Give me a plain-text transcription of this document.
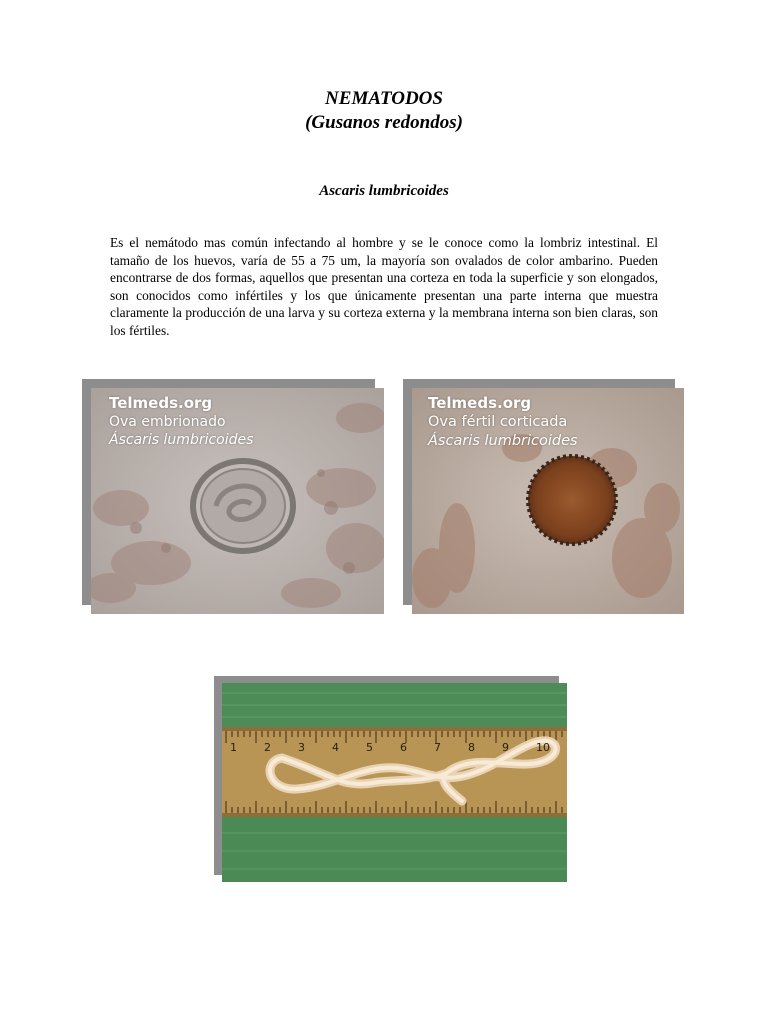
NEMATODOS
(Gusanos redondos)
Ascaris lumbricoides
Es el nemátodo mas común infectando al hombre y se le conoce como la lombriz intestinal. El tamaño de los huevos, varía de 55 a 75 um, la mayoría son ovalados de color ambarino. Pueden encontrarse de dos formas, aquellos que presentan una corteza en toda la superficie y son elongados, son conocidos como infértiles y los que únicamente presentan una parte interna que muestra claramente la producción de una larva y su corteza externa y la membrana interna son bien claras, son los fértiles.
Telmeds.org
Ova embrionado
Áscaris lumbricoides
Telmeds.org
Ova fértil corticada
Áscaris lumbricoides
1 2 3 4 5 6 7 8 9 10
